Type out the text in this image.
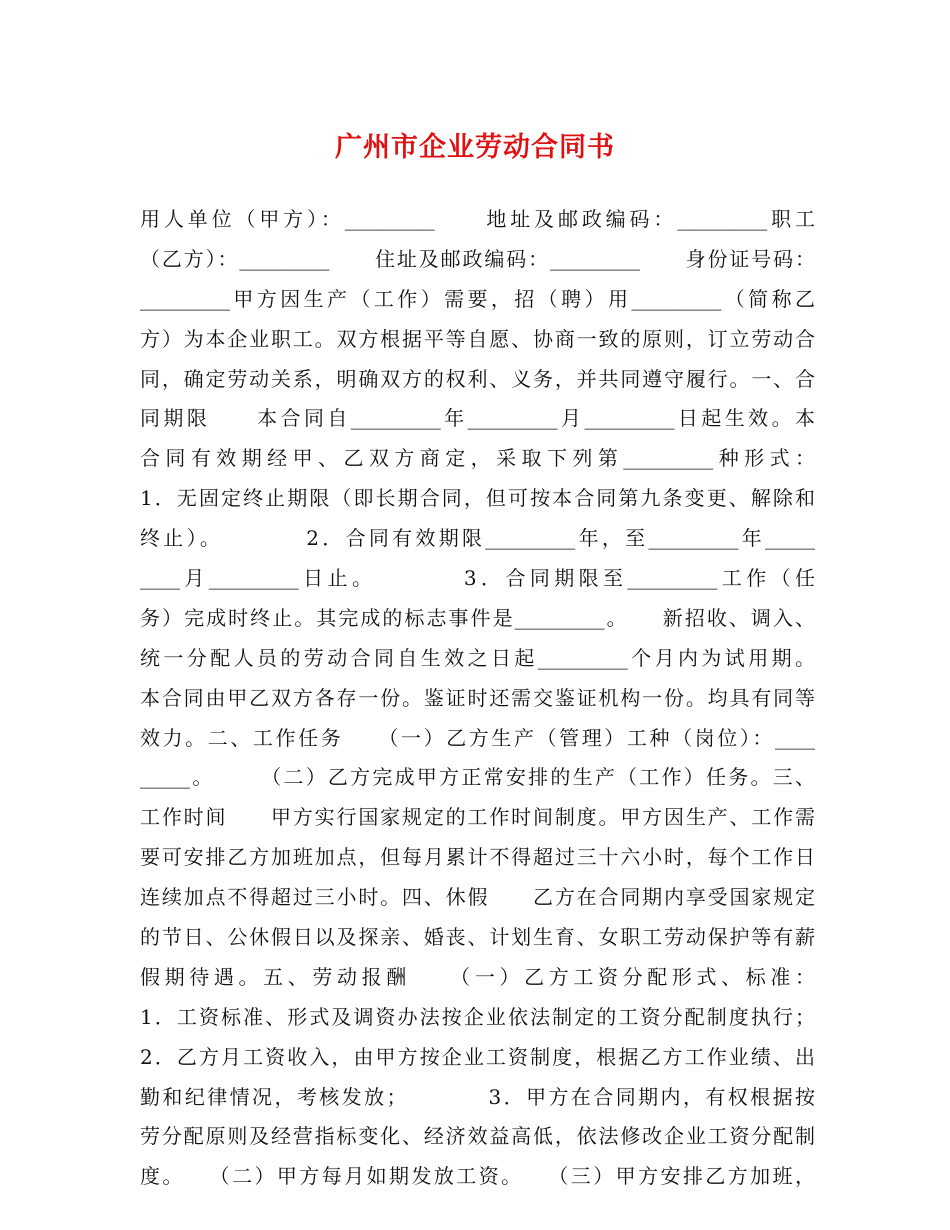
广州市企业劳动合同书
用人单位（甲方）：_________　　地址及邮政编码：_________职工
（乙方）：_________　　住址及邮政编码：_________　　身份证号码：
_________甲方因生产（工作）需要，招（聘）用_________（简称乙
方）为本企业职工。双方根据平等自愿、协商一致的原则，订立劳动合
同，确定劳动关系，明确双方的权利、义务，并共同遵守履行。一、合
同期限　　本合同自_________年_________月_________日起生效。本
合同有效期经甲、乙双方商定，采取下列第_________种形式：
1．无固定终止期限（即长期合同，但可按本合同第九条变更、解除和
终止）。　　　　2．合同有效期限_________年，至_________年_____
____月_________日止。　　　　3．合同期限至_________工作（任
务）完成时终止。其完成的标志事件是_________。　　新招收、调入、
统一分配人员的劳动合同自生效之日起_________个月内为试用期。
本合同由甲乙双方各存一份。鉴证时还需交鉴证机构一份。均具有同等
效力。二、工作任务　　（一）乙方生产（管理）工种（岗位）：____
_____。　　　（二）乙方完成甲方正常安排的生产（工作）任务。三、
工作时间　　甲方实行国家规定的工作时间制度。甲方因生产、工作需
要可安排乙方加班加点，但每月累计不得超过三十六小时，每个工作日
连续加点不得超过三小时。四、休假　　乙方在合同期内享受国家规定
的节日、公休假日以及探亲、婚丧、计划生育、女职工劳动保护等有薪
假期待遇。五、劳动报酬　　（一）乙方工资分配形式、标准：
1．工资标准、形式及调资办法按企业依法制定的工资分配制度执行；
2．乙方月工资收入，由甲方按企业工资制度，根据乙方工作业绩、出
勤和纪律情况，考核发放；　　　　3．甲方在合同期内，有权根据按
劳分配原则及经营指标变化、经济效益高低，依法修改企业工资分配制
度。　　（二）甲方每月如期发放工资。　　（三）甲方安排乙方加班，
